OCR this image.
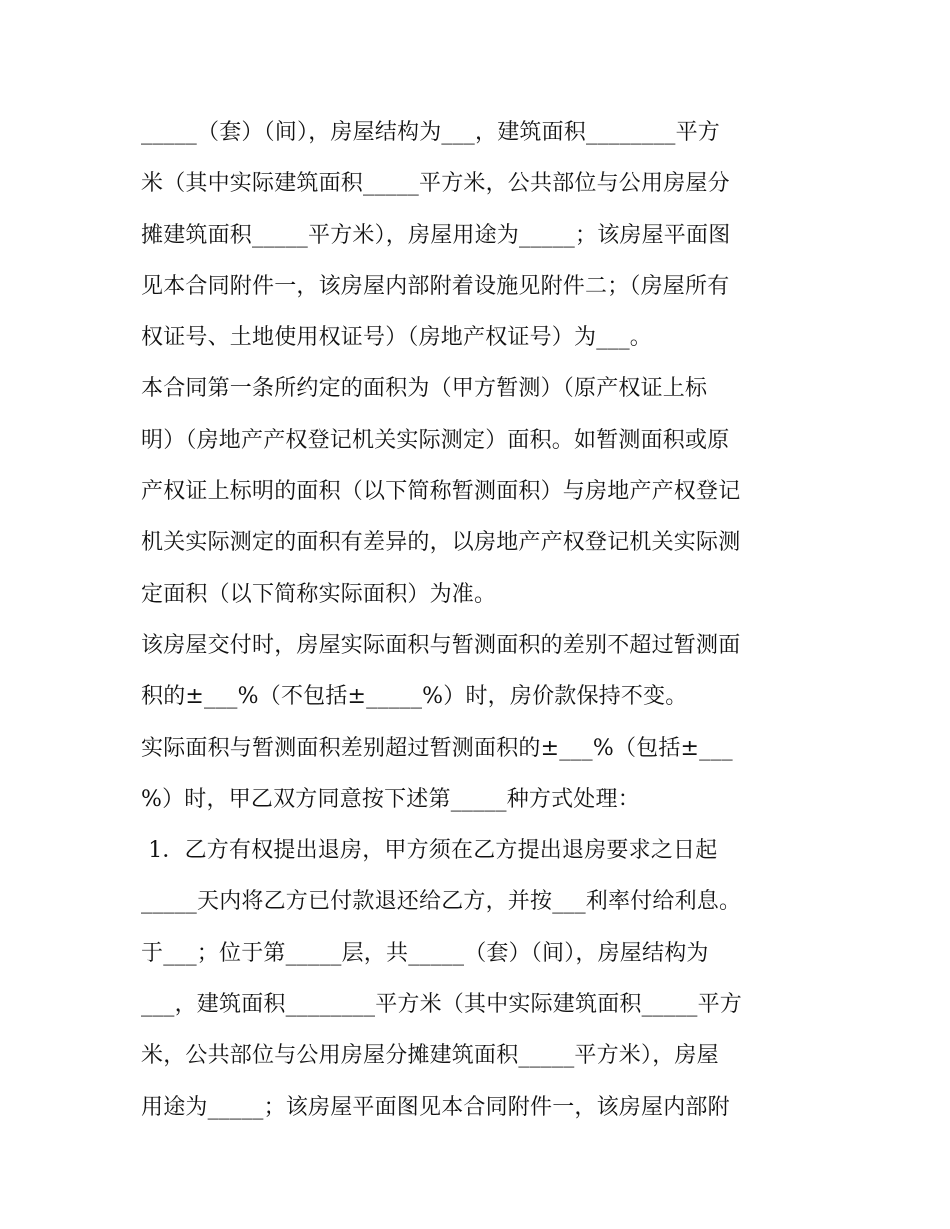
_____（套）（间），房屋结构为___，建筑面积________平方
米（其中实际建筑面积_____平方米，公共部位与公用房屋分
摊建筑面积_____平方米），房屋用途为_____；该房屋平面图
见本合同附件一，该房屋内部附着设施见附件二；（房屋所有
权证号、土地使用权证号）（房地产权证号）为___。
本合同第一条所约定的面积为（甲方暂测）（原产权证上标
明）（房地产产权登记机关实际测定）面积。如暂测面积或原
产权证上标明的面积（以下简称暂测面积）与房地产产权登记
机关实际测定的面积有差异的，以房地产产权登记机关实际测
定面积（以下简称实际面积）为准。
该房屋交付时，房屋实际面积与暂测面积的差别不超过暂测面
积的±___%（不包括±_____%）时，房价款保持不变。
实际面积与暂测面积差别超过暂测面积的±___%（包括±___
%）时，甲乙双方同意按下述第_____种方式处理：
1．乙方有权提出退房，甲方须在乙方提出退房要求之日起
_____天内将乙方已付款退还给乙方，并按___利率付给利息。
于___；位于第_____层，共_____（套）（间），房屋结构为
___，建筑面积________平方米（其中实际建筑面积_____平方
米，公共部位与公用房屋分摊建筑面积_____平方米），房屋
用途为_____；该房屋平面图见本合同附件一，该房屋内部附
